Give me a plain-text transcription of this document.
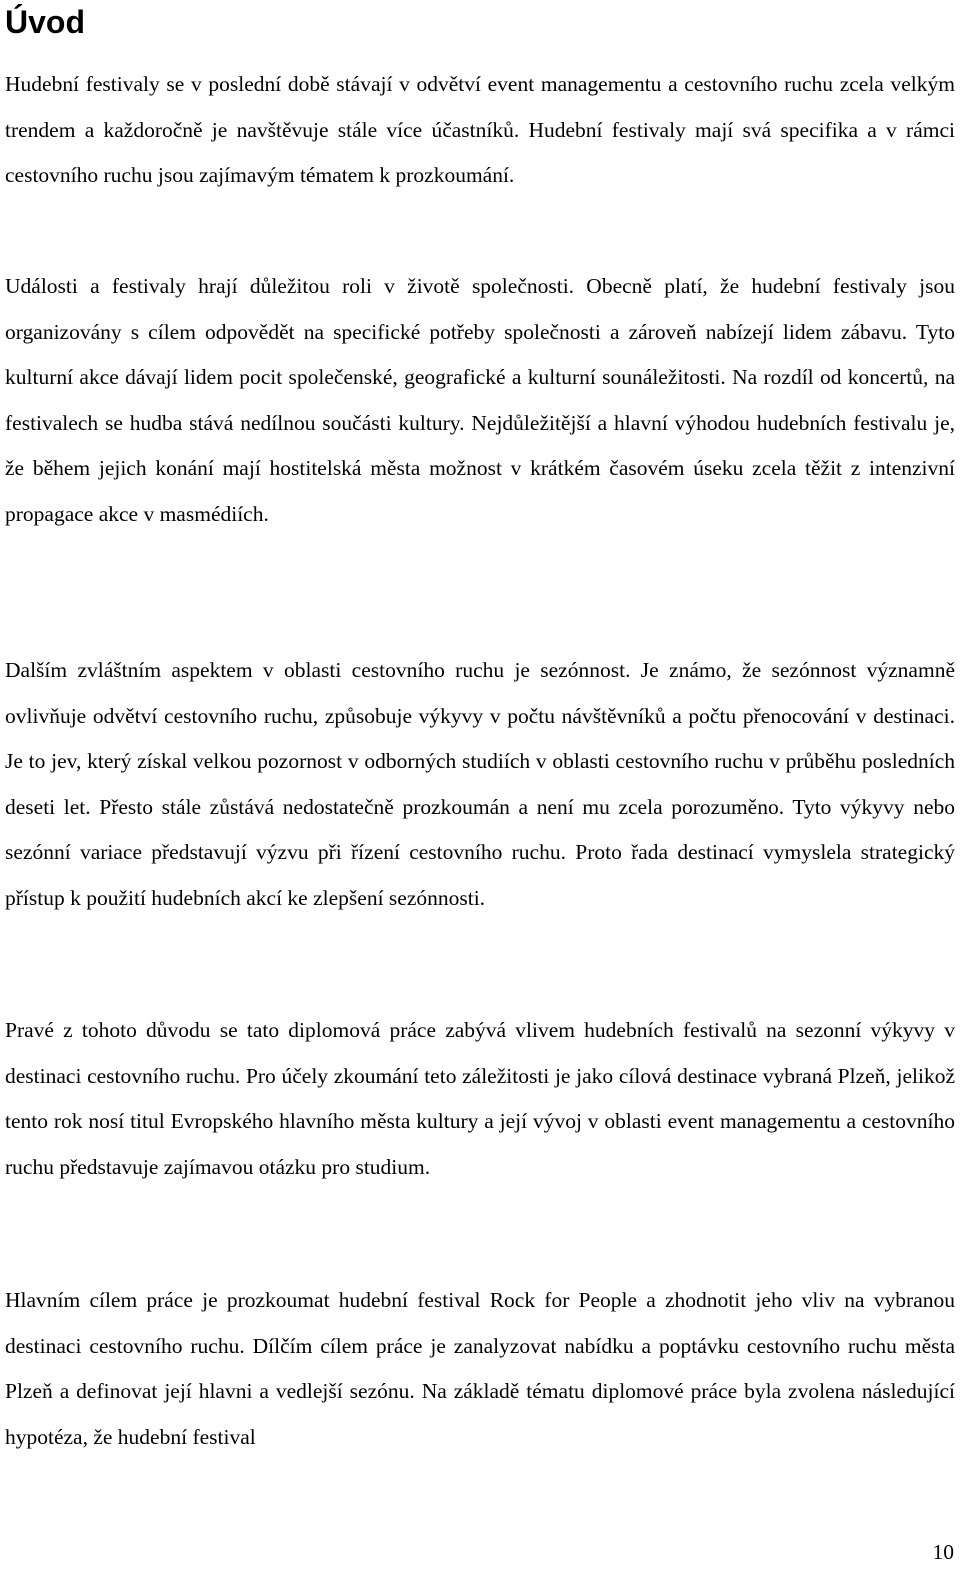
Úvod

Hudební festivaly se v poslední době stávají v odvětví event managementu a cestovního ruchu zcela velkým trendem a každoročně je navštěvuje stále více účastníků. Hudební festivaly mají svá specifika a v rámci cestovního ruchu jsou zajímavým tématem k prozkoumání.

Události a festivaly hrají důležitou roli v životě společnosti. Obecně platí, že hudební festivaly jsou organizovány s cílem odpovědět na specifické potřeby společnosti a zároveň nabízejí lidem zábavu. Tyto kulturní akce dávají lidem pocit společenské, geografické a kulturní sounáležitosti. Na rozdíl od koncertů, na festivalech se hudba stává nedílnou součásti kultury. Nejdůležitější a hlavní výhodou hudebních festivalu je, že během jejich konání mají hostitelská města možnost v krátkém časovém úseku zcela těžit z intenzivní propagace akce v masmédiích.

Dalším zvláštním aspektem v oblasti cestovního ruchu je sezónnost. Je známo, že sezónnost významně ovlivňuje odvětví cestovního ruchu, způsobuje výkyvy v počtu návštěvníků a počtu přenocování v destinaci. Je to jev, který získal velkou pozornost v odborných studiích v oblasti cestovního ruchu v průběhu posledních deseti let. Přesto stále zůstává nedostatečně prozkoumán a není mu zcela porozuměno. Tyto výkyvy nebo sezónní variace představují výzvu při řízení cestovního ruchu. Proto řada destinací vymyslela strategický přístup k použití hudebních akcí ke zlepšení sezónnosti.

Pravé z tohoto důvodu se tato diplomová práce zabývá vlivem hudebních festivalů na sezonní výkyvy v destinaci cestovního ruchu. Pro účely zkoumání teto záležitosti je jako cílová destinace vybraná Plzeň, jelikož tento rok nosí titul Evropského hlavního města kultury a její vývoj v oblasti event managementu a cestovního ruchu představuje zajímavou otázku pro studium.

Hlavním cílem práce je prozkoumat hudební festival Rock for People a zhodnotit jeho vliv na vybranou destinaci cestovního ruchu. Dílčím cílem práce je zanalyzovat nabídku a poptávku cestovního ruchu města Plzeň a definovat její hlavni a vedlejší sezónu. Na základě tématu diplomové práce byla zvolena následující hypotéza, že hudební festival

10
